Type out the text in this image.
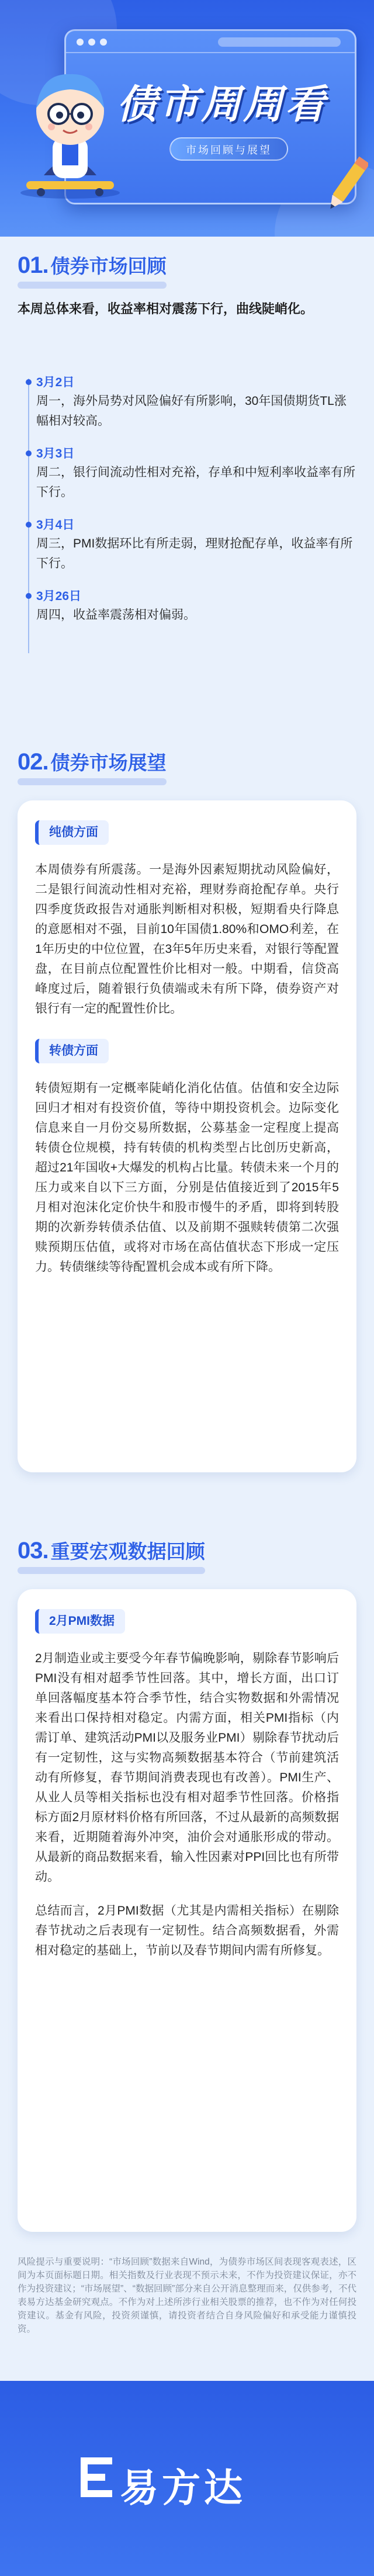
债市周周看
市场回顾与展望
01. 债券市场回顾
本周总体来看，收益率相对震荡下行，曲线陡峭化。
3月2日
周一，海外局势对风险偏好有所影响，30年国债期货TL涨幅相对较高。
3月3日
周二，银行间流动性相对充裕，存单和中短利率收益率有所下行。
3月4日
周三，PMI数据环比有所走弱，理财抢配存单，收益率有所下行。
3月26日
周四，收益率震荡相对偏弱。
02. 债券市场展望
纯债方面

本周债券有所震荡。一是海外因素短期扰动风险偏好，二是银行间流动性相对充裕，理财券商抢配存单。央行四季度货政报告对通胀判断相对积极，短期看央行降息的意愿相对不强，目前10年国债1.80%和OMO利差，在1年历史的中位位置，在3年5年历史来看，对银行等配置盘，在目前点位配置性价比相对一般。中期看，信贷高峰度过后，随着银行负债端或未有所下降，债券资产对银行有一定的配置性价比。

转债方面

转债短期有一定概率陡峭化消化估值。估值和安全边际回归才相对有投资价值，等待中期投资机会。边际变化信息来自一月份交易所数据，公募基金一定程度上提高转债仓位规模，持有转债的机构类型占比创历史新高，超过21年国收+大爆发的机构占比量。转债未来一个月的压力或来自以下三方面，分别是估值接近到了2015年5月相对泡沫化定价快牛和股市慢牛的矛盾，即将到转股期的次新券转债杀估值、以及前期不强赎转债第二次强赎预期压估值，或将对市场在高估值状态下形成一定压力。转债继续等待配置机会成本或有所下降。

03. 重要宏观数据回顾
2月PMI数据

2月制造业或主要受今年春节偏晚影响，剔除春节影响后PMI没有相对超季节性回落。其中，增长方面，出口订单回落幅度基本符合季节性，结合实物数据和外需情况来看出口保持相对稳定。内需方面，相关PMI指标（内需订单、建筑活动PMI以及服务业PMI）剔除春节扰动后有一定韧性，这与实物高频数据基本符合（节前建筑活动有所修复，春节期间消费表现也有改善）。PMI生产、从业人员等相关指标也没有相对超季节性回落。价格指标方面2月原材料价格有所回落，不过从最新的高频数据来看，近期随着海外冲突，油价会对通胀形成的带动。从最新的商品数据来看，输入性因素对PPI回比也有所带动。

总结而言，2月PMI数据（尤其是内需相关指标）在剔除春节扰动之后表现有一定韧性。结合高频数据看，外需相对稳定的基础上，节前以及春节期间内需有所修复。

风险提示与重要说明：“市场回顾”数据来自Wind，为债券市场区间表现客观表述，区间为本页面标题日期。相关指数及行业表现不预示未来，不作为投资建议保证，亦不作为投资建议；“市场展望”、“数据回顾”部分来自公开消息整理而来，仅供参考，不代表易方达基金研究观点。不作为对上述所涉行业相关股票的推荐，也不作为对任何投资建议。基金有风险，投资须谨慎，请投资者结合自身风险偏好和承受能力谨慎投资。
易方达
